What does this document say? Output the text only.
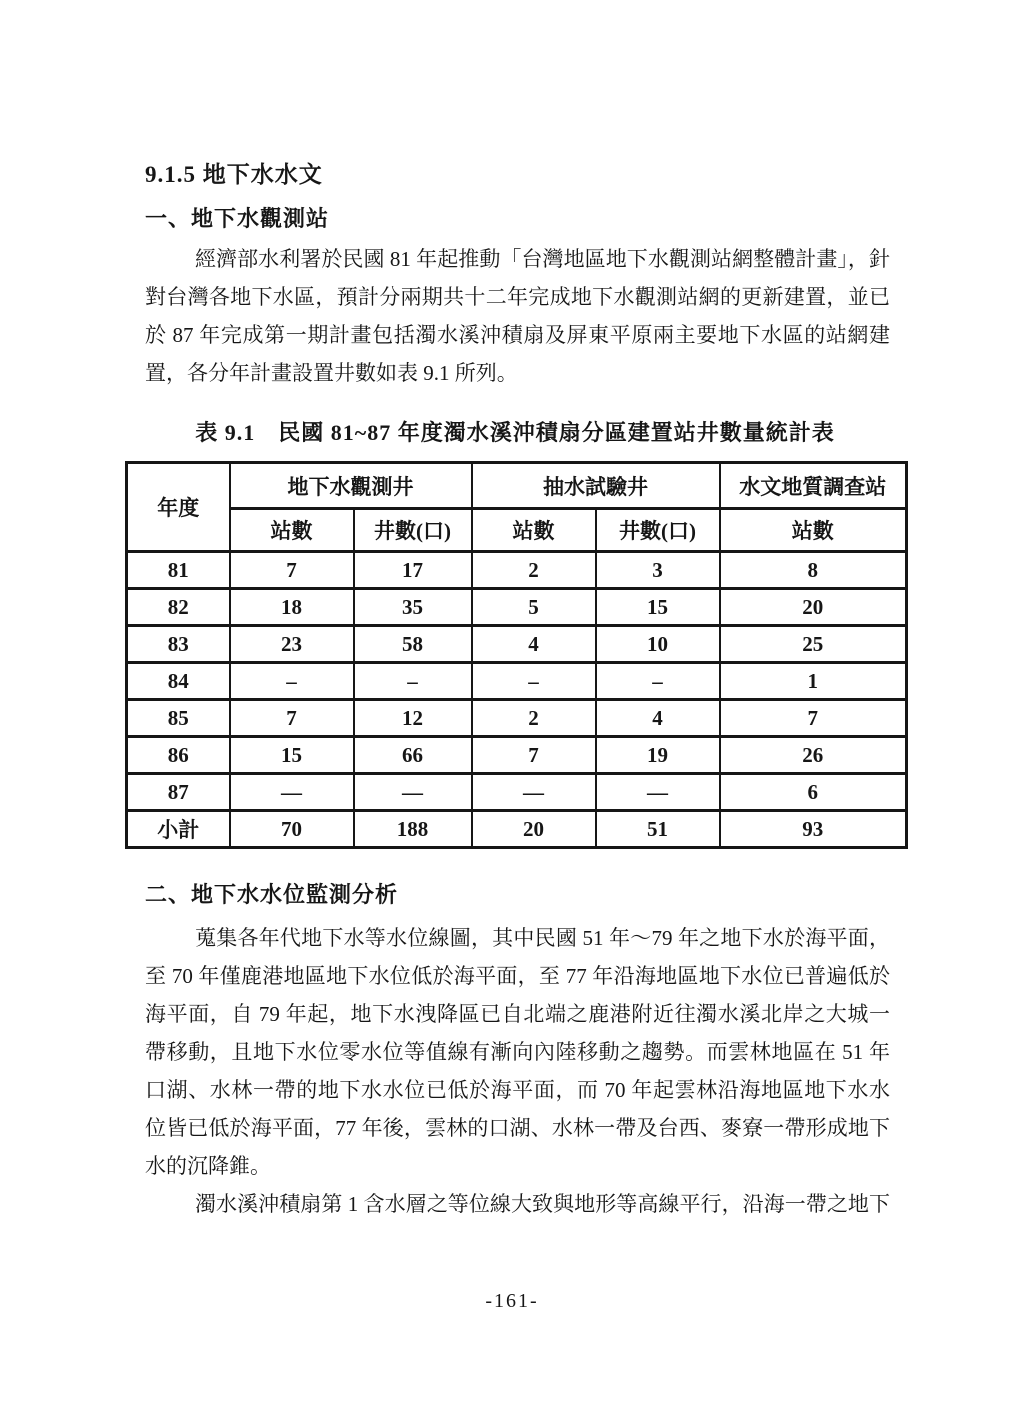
9.1.5 地下水水文
一、地下水觀測站
經濟部水利署於民國 81 年起推動「台灣地區地下水觀測站網整體計畫」，針
對台灣各地下水區，預計分兩期共十二年完成地下水觀測站網的更新建置，並已
於 87 年完成第一期計畫包括濁水溪沖積扇及屏東平原兩主要地下水區的站網建
置，各分年計畫設置井數如表 9.1 所列。
表 9.1　民國 81~87 年度濁水溪沖積扇分區建置站井數量統計表
年度	地下水觀測井		抽水試驗井		水文地質調查站
	站數	井數(口)	站數	井數(口)	站數
81	7	17	2	3	8
82	18	35	5	15	20
83	23	58	4	10	25
84	–	–	–	–	1
85	7	12	2	4	7
86	15	66	7	19	26
87	—	—	—	—	6
小計	70	188	20	51	93
二、地下水水位監測分析
蒐集各年代地下水等水位線圖，其中民國 51 年～79 年之地下水於海平面，
至 70 年僅鹿港地區地下水位低於海平面，至 77 年沿海地區地下水位已普遍低於
海平面，自 79 年起，地下水洩降區已自北端之鹿港附近往濁水溪北岸之大城一
帶移動，且地下水位零水位等值線有漸向內陸移動之趨勢。而雲林地區在 51 年
口湖、水林一帶的地下水水位已低於海平面，而 70 年起雲林沿海地區地下水水
位皆已低於海平面，77 年後，雲林的口湖、水林一帶及台西、麥寮一帶形成地下
水的沉降錐。
濁水溪沖積扇第 1 含水層之等位線大致與地形等高線平行，沿海一帶之地下
-161-
